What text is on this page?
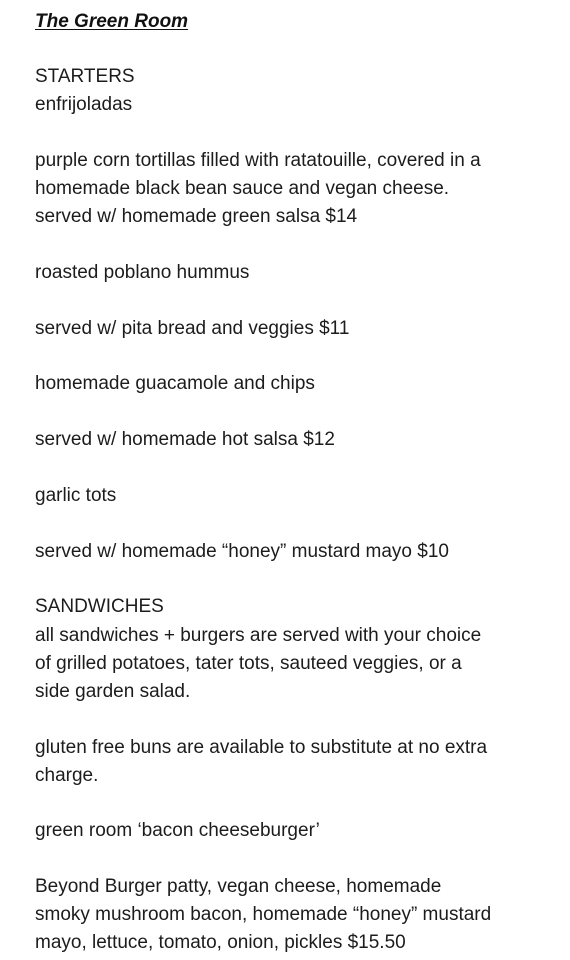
The Green Room
STARTERS
enfrijoladas
purple corn tortillas filled with ratatouille, covered in a
homemade black bean sauce and vegan cheese.
served w/ homemade green salsa $14
roasted poblano hummus
served w/ pita bread and veggies $11
homemade guacamole and chips
served w/ homemade hot salsa $12
garlic tots
served w/ homemade “honey” mustard mayo $10
SANDWICHES
all sandwiches + burgers are served with your choice
of grilled potatoes, tater tots, sauteed veggies, or a
side garden salad.
gluten free buns are available to substitute at no extra
charge.
green room ‘bacon cheeseburger’
Beyond Burger patty, vegan cheese, homemade
smoky mushroom bacon, homemade “honey” mustard
mayo, lettuce, tomato, onion, pickles $15.50
